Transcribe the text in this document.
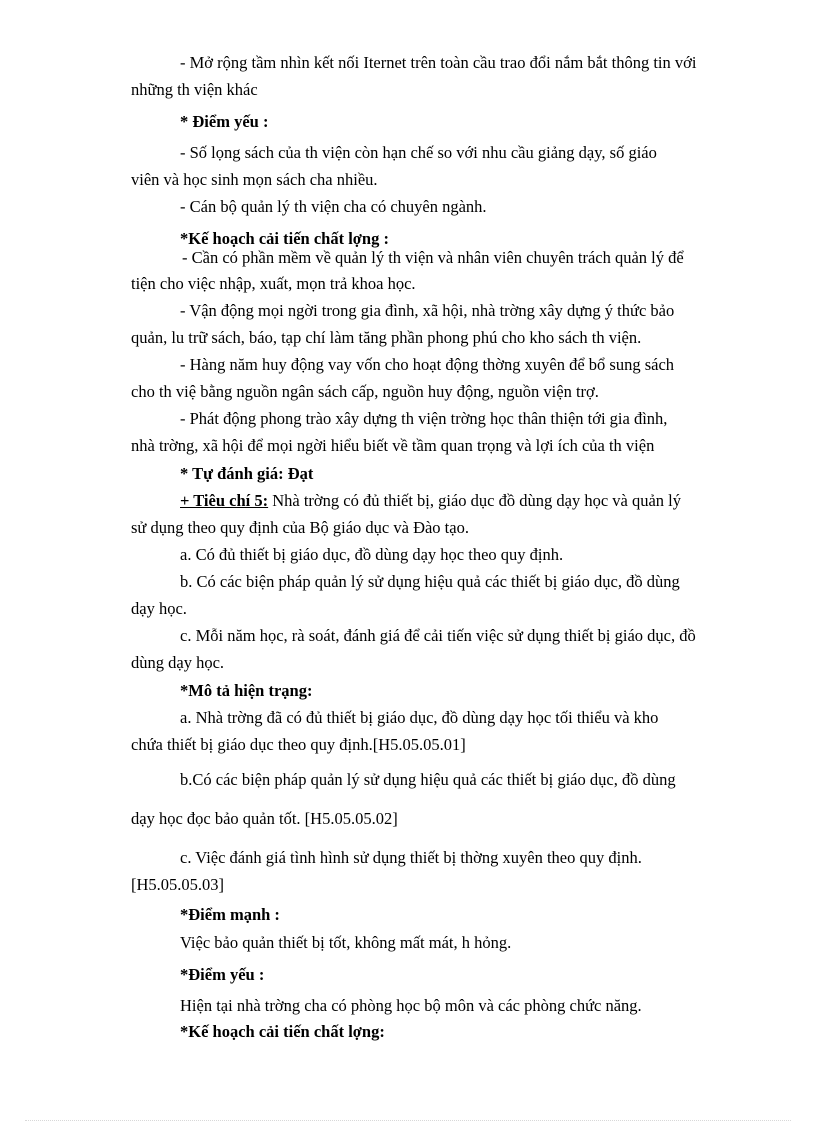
- Mở rộng tầm nhìn kết nối Iternet trên toàn cầu trao đổi nắm bắt thông tin với
những th viện khác
* Điểm yếu :
- Số lọng sách của th viện còn hạn chế so với nhu cầu giảng dạy, số giáo
viên và học sinh mọn sách cha nhiều.
- Cán bộ quản lý th viện cha có chuyên ngành.
*Kế hoạch cải tiến chất lợng :
- Cần có phần mềm về quản lý th viện và nhân viên chuyên trách quản lý để
tiện cho việc nhập, xuất, mọn trả khoa học.
- Vận động mọi ngời trong gia đình, xã hội, nhà trờng xây dựng ý thức bảo
quản, lu trữ sách, báo, tạp chí làm tăng phần phong phú cho kho sách th viện.
- Hàng năm huy động vay vốn cho hoạt động thờng xuyên để bổ sung sách
cho th việ bằng nguồn ngân sách cấp, nguồn huy động, nguồn viện trợ.
- Phát động phong trào xây dựng th viện trờng học thân thiện tới gia đình,
nhà trờng, xã hội để mọi ngời hiểu biết về tầm quan trọng và lợi ích của th viện
* Tự đánh giá: Đạt
+ Tiêu chí 5: Nhà trờng có đủ thiết bị, giáo dục đồ dùng dạy học và quản lý
sử dụng theo quy định của Bộ giáo dục và Đào tạo.
a. Có đủ thiết bị giáo dục, đồ dùng dạy học theo quy định.
b. Có các biện pháp quản lý sử dụng hiệu quả các thiết bị giáo dục, đồ dùng
dạy học.
c. Mỗi năm học, rà soát, đánh giá để cải tiến việc sử dụng thiết bị giáo dục, đồ
dùng dạy học.
*Mô tả hiện trạng:
a. Nhà trờng đã có đủ thiết bị giáo dục, đồ dùng dạy học tối thiểu và kho
chứa thiết bị giáo dục theo quy định.[H5.05.05.01]
b.Có các biện pháp quản lý sử dụng hiệu quả các thiết bị giáo dục, đồ dùng
dạy học đọc bảo quản tốt. [H5.05.05.02]
c. Việc đánh giá tình hình sử dụng thiết bị thờng xuyên theo quy định.
[H5.05.05.03]
*Điểm mạnh :
Việc bảo quản thiết bị tốt, không mất mát, h hỏng.
*Điểm yếu :
Hiện tại nhà trờng cha có phòng học bộ môn và các phòng chức năng.
*Kế hoạch cải tiến chất lợng:
